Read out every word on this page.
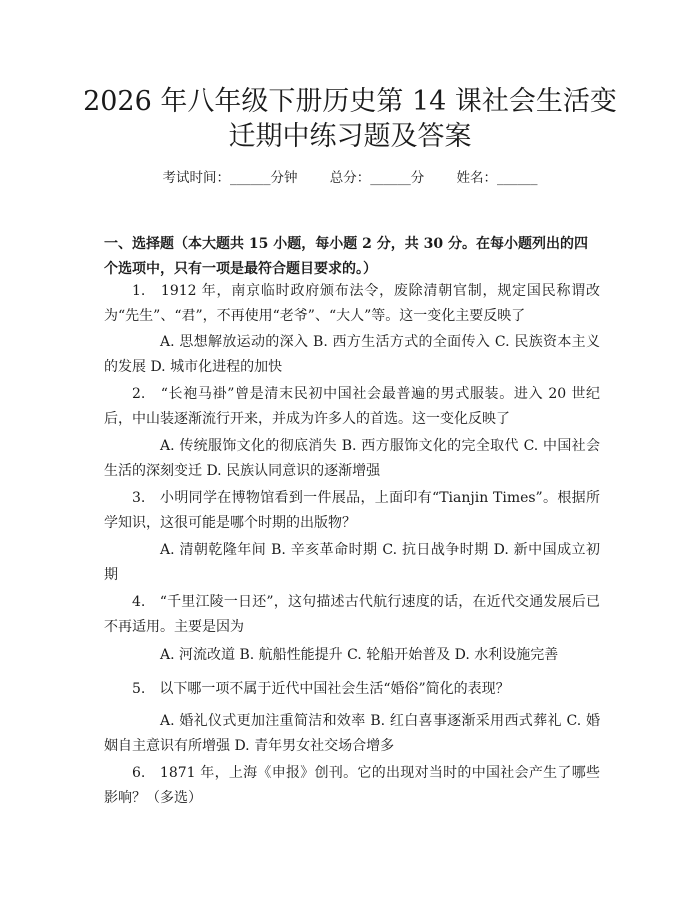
2026 年八年级下册历史第 14 课社会生活变
迁期中练习题及答案
考试时间：______分钟 总分：______分 姓名：______

一、选择题（本大题共 15 小题，每小题 2 分，共 30 分。在每小题列出的四个选项中，只有一项是最符合题目要求的。）

1.　1912 年，南京临时政府颁布法令，废除清朝官制，规定国民称谓改为“先生”、“君”，不再使用“老爷”、“大人”等。这一变化主要反映了

A. 思想解放运动的深入 B. 西方生活方式的全面传入 C. 民族资本主义的发展 D. 城市化进程的加快

2.　“长袍马褂”曾是清末民初中国社会最普遍的男式服装。进入 20 世纪后，中山装逐渐流行开来，并成为许多人的首选。这一变化反映了

A. 传统服饰文化的彻底消失 B. 西方服饰文化的完全取代 C. 中国社会生活的深刻变迁 D. 民族认同意识的逐渐增强

3.　小明同学在博物馆看到一件展品，上面印有“Tianjin Times”。根据所学知识，这很可能是哪个时期的出版物？

A. 清朝乾隆年间 B. 辛亥革命时期 C. 抗日战争时期 D. 新中国成立初期

4.　“千里江陵一日还”，这句描述古代航行速度的话，在近代交通发展后已不再适用。主要是因为

A. 河流改道 B. 航船性能提升 C. 轮船开始普及 D. 水利设施完善

5.　以下哪一项不属于近代中国社会生活“婚俗”简化的表现？

A. 婚礼仪式更加注重简洁和效率 B. 红白喜事逐渐采用西式葬礼 C. 婚姻自主意识有所增强 D. 青年男女社交场合增多

6.　1871 年，上海《申报》创刊。它的出现对当时的中国社会产生了哪些影响？（多选）
